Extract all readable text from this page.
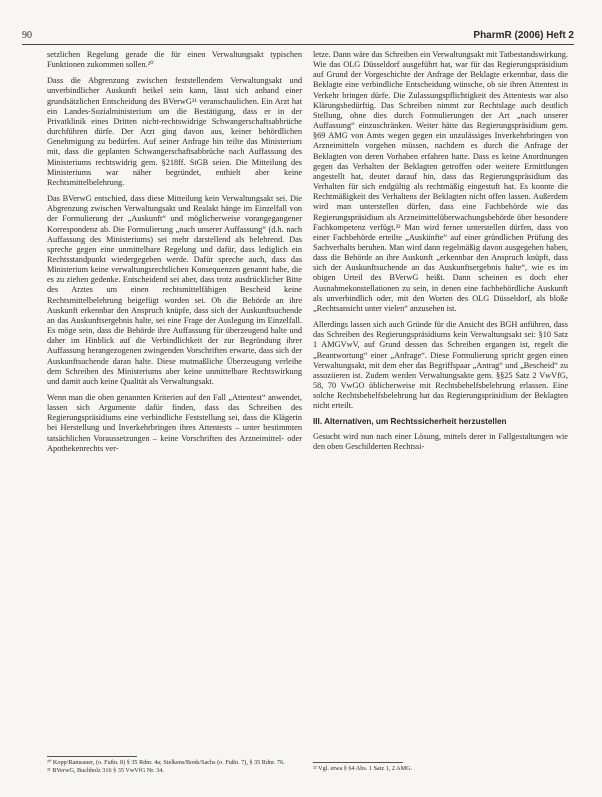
90	PharmR (2006) Heft 2

setzlichen Regelung gerade die für einen Verwaltungsakt typischen Funktionen zukommen sollen.²⁰

Dass die Abgrenzung zwischen feststellendem Verwaltungsakt und unverbindlicher Auskunft heikel sein kann, lässt sich anhand einer grundsätzlichen Entscheidung des BVerwG²¹ veranschaulichen. Ein Arzt hat ein Landes-Sozialministerium um die Bestätigung, dass er in der Privatklinik eines Dritten nicht-rechtswidrige Schwangerschaftsabbrüche durchführen dürfe. Der Arzt ging davon aus, keiner behördlichen Genehmigung zu bedürfen. Auf seiner Anfrage hin teilte das Ministerium mit, dass die geplanten Schwangerschaftsabbrüche nach Auffassung des Ministeriums rechtswidrig gem. §218ff. StGB seien. Die Mitteilung des Ministeriums war näher begründet, enthielt aber keine Rechtsmittelbelehrung.

Das BVerwG entschied, dass diese Mitteilung kein Verwaltungsakt sei. Die Abgrenzung zwischen Verwaltungsakt und Realakt hänge im Einzelfall von der Formulierung der „Auskunft“ und möglicherweise vorangegangener Korrespondenz ab. Die Formulierung „nach unserer Auffassung“ (d.h. nach Auffassung des Ministeriums) sei mehr darstellend als belehrend. Das spreche gegen eine unmittelbare Regelung und dafür, dass lediglich ein Rechtsstandpunkt wiedergegeben werde. Dafür spreche auch, dass das Ministerium keine verwaltungsrechtlichen Konsequenzen genannt habe, die es zu ziehen gedenke. Entscheidend sei aber, dass trotz ausdrücklicher Bitte des Arztes um einen rechtsmittelfähigen Bescheid keine Rechtsmittelbelehrung beigefügt worden sei. Ob die Behörde an ihre Auskunft erkennbar den Anspruch knüpfe, dass sich der Auskunftsuchende an das Auskunftsergebnis halte, sei eine Frage der Auslegung im Einzelfall. Es möge sein, dass die Behörde ihre Auffassung für überzeugend halte und daher im Hinblick auf die Verbindlichkeit der zur Begründung ihrer Auffassung herangezogenen zwingenden Vorschriften erwarte, dass sich der Auskunftsuchende daran halte. Diese mutmaßliche Überzeugung verleihe dem Schreiben des Ministeriums aber keine unmittelbare Rechtswirkung und damit auch keine Qualität als Verwaltungsakt.

Wenn man die oben genannten Kriterien auf den Fall „Attentest“ anwendet, lassen sich Argumente dafür finden, dass das Schreiben des Regierungspräsidiums eine verbindliche Feststellung sei, dass die Klägerin bei Herstellung und Inverkehrbringen ihres Attentests – unter bestimmten tatsächlichen Voraussetzungen – keine Vorschriften des Arzneimittel- oder Apothekenrechts ver-

letze. Dann wäre das Schreiben ein Verwaltungsakt mit Tatbestandswirkung. Wie das OLG Düsseldorf ausgeführt hat, war für das Regierungspräsidium auf Grund der Vorgeschichte der Anfrage der Beklagte erkennbar, dass die Beklagte eine verbindliche Entscheidung wünsche, ob sie ihren Attentest in Verkehr bringen dürfe. Die Zulassungspflichtigkeit des Attentests war also Klärungsbedürftig. Das Schreiben nimmt zur Rechtslage auch deutlich Stellung, ohne dies durch Formulierungen der Art „nach unserer Auffassung“ einzuschränken. Weiter hätte das Regierungspräsidium gem. §69 AMG von Amts wegen gegen ein unzulässiges Inverkehrbringen von Arzneimitteln vorgehen müssen, nachdem es durch die Anfrage der Beklagten von deren Vorhaben erfahren hatte. Dass es keine Anordnungen gegen das Verhalten der Beklagten getroffen oder weitere Ermittlungen angestellt hat, deutet darauf hin, dass das Regierungspräsidium das Verhalten für sich endgültig als rechtmäßig eingestuft hat. Es konnte die Rechtmäßigkeit des Verhaltens der Beklagten nicht offen lassen. Außerdem wird man unterstellen dürfen, dass eine Fachbehörde wie das Regierungspräsidium als Arzneimittelüberwachungsbehörde über besondere Fachkompetenz verfügt.²² Man wird ferner unterstellen dürfen, dass von einer Fachbehörde erteilte „Auskünfte“ auf einer gründlichen Prüfung des Sachverhalts beruhen. Man wird dann regelmäßig davon ausgegehen haben, dass die Behörde an ihre Auskunft „erkennbar den Anspruch knüpft, dass sich der Auskunftsuchende an das Auskunftsergebnis halte“, wie es im obigen Urteil des BVerwG heißt. Dann scheinen es doch eher Ausnahmekonstellationen zu sein, in denen eine fachbehördliche Auskunft als unverbindlich oder, mit den Worten des OLG Düsseldorf, als bloße „Rechtsansicht unter vielen“ anzusehen ist.

Allerdings lassen sich auch Gründe für die Ansicht des BGH anführen, dass das Schreiben des Regierungspräsidiums kein Verwaltungsakt sei: §10 Satz 1 AMGVwV, auf Grund dessen das Schreiben ergangen ist, regelt die „Beantwortung“ einer „Anfrage“. Diese Formulierung spricht gegen einen Verwaltungsakt, mit dem eher das Begriffspaar „Antrag“ und „Bescheid“ zu assoziieren ist. Zudem werden Verwaltungsakte gem. §§25 Satz 2 VwVfG, 58, 70 VwGO üblicherweise mit Rechtsbehelfsbelehrung erlassen. Eine solche Rechtsbehelfsbelehrung hat das Regierungspräsidium der Beklagten nicht erteilt.

III. Alternativen, um Rechtssicherheit herzustellen

Gesucht wird nun nach einer Lösung, mittels derer in Fallgestaltungen wie den oben Geschilderten Rechtssi-

²⁰ Kopp/Ramsauer, (o. Fußn. 8) § 35 Rdnr. 4a; Stelkens/Bonk/Sachs (o. Fußn. 7), § 35 Rdnr. 76.
²¹ BVerwG, Buchholz 316 § 35 VwVfG Nr. 34.	²² Vgl. etwa § 64 Abs. 1 Satz 1, 2 AMG.
